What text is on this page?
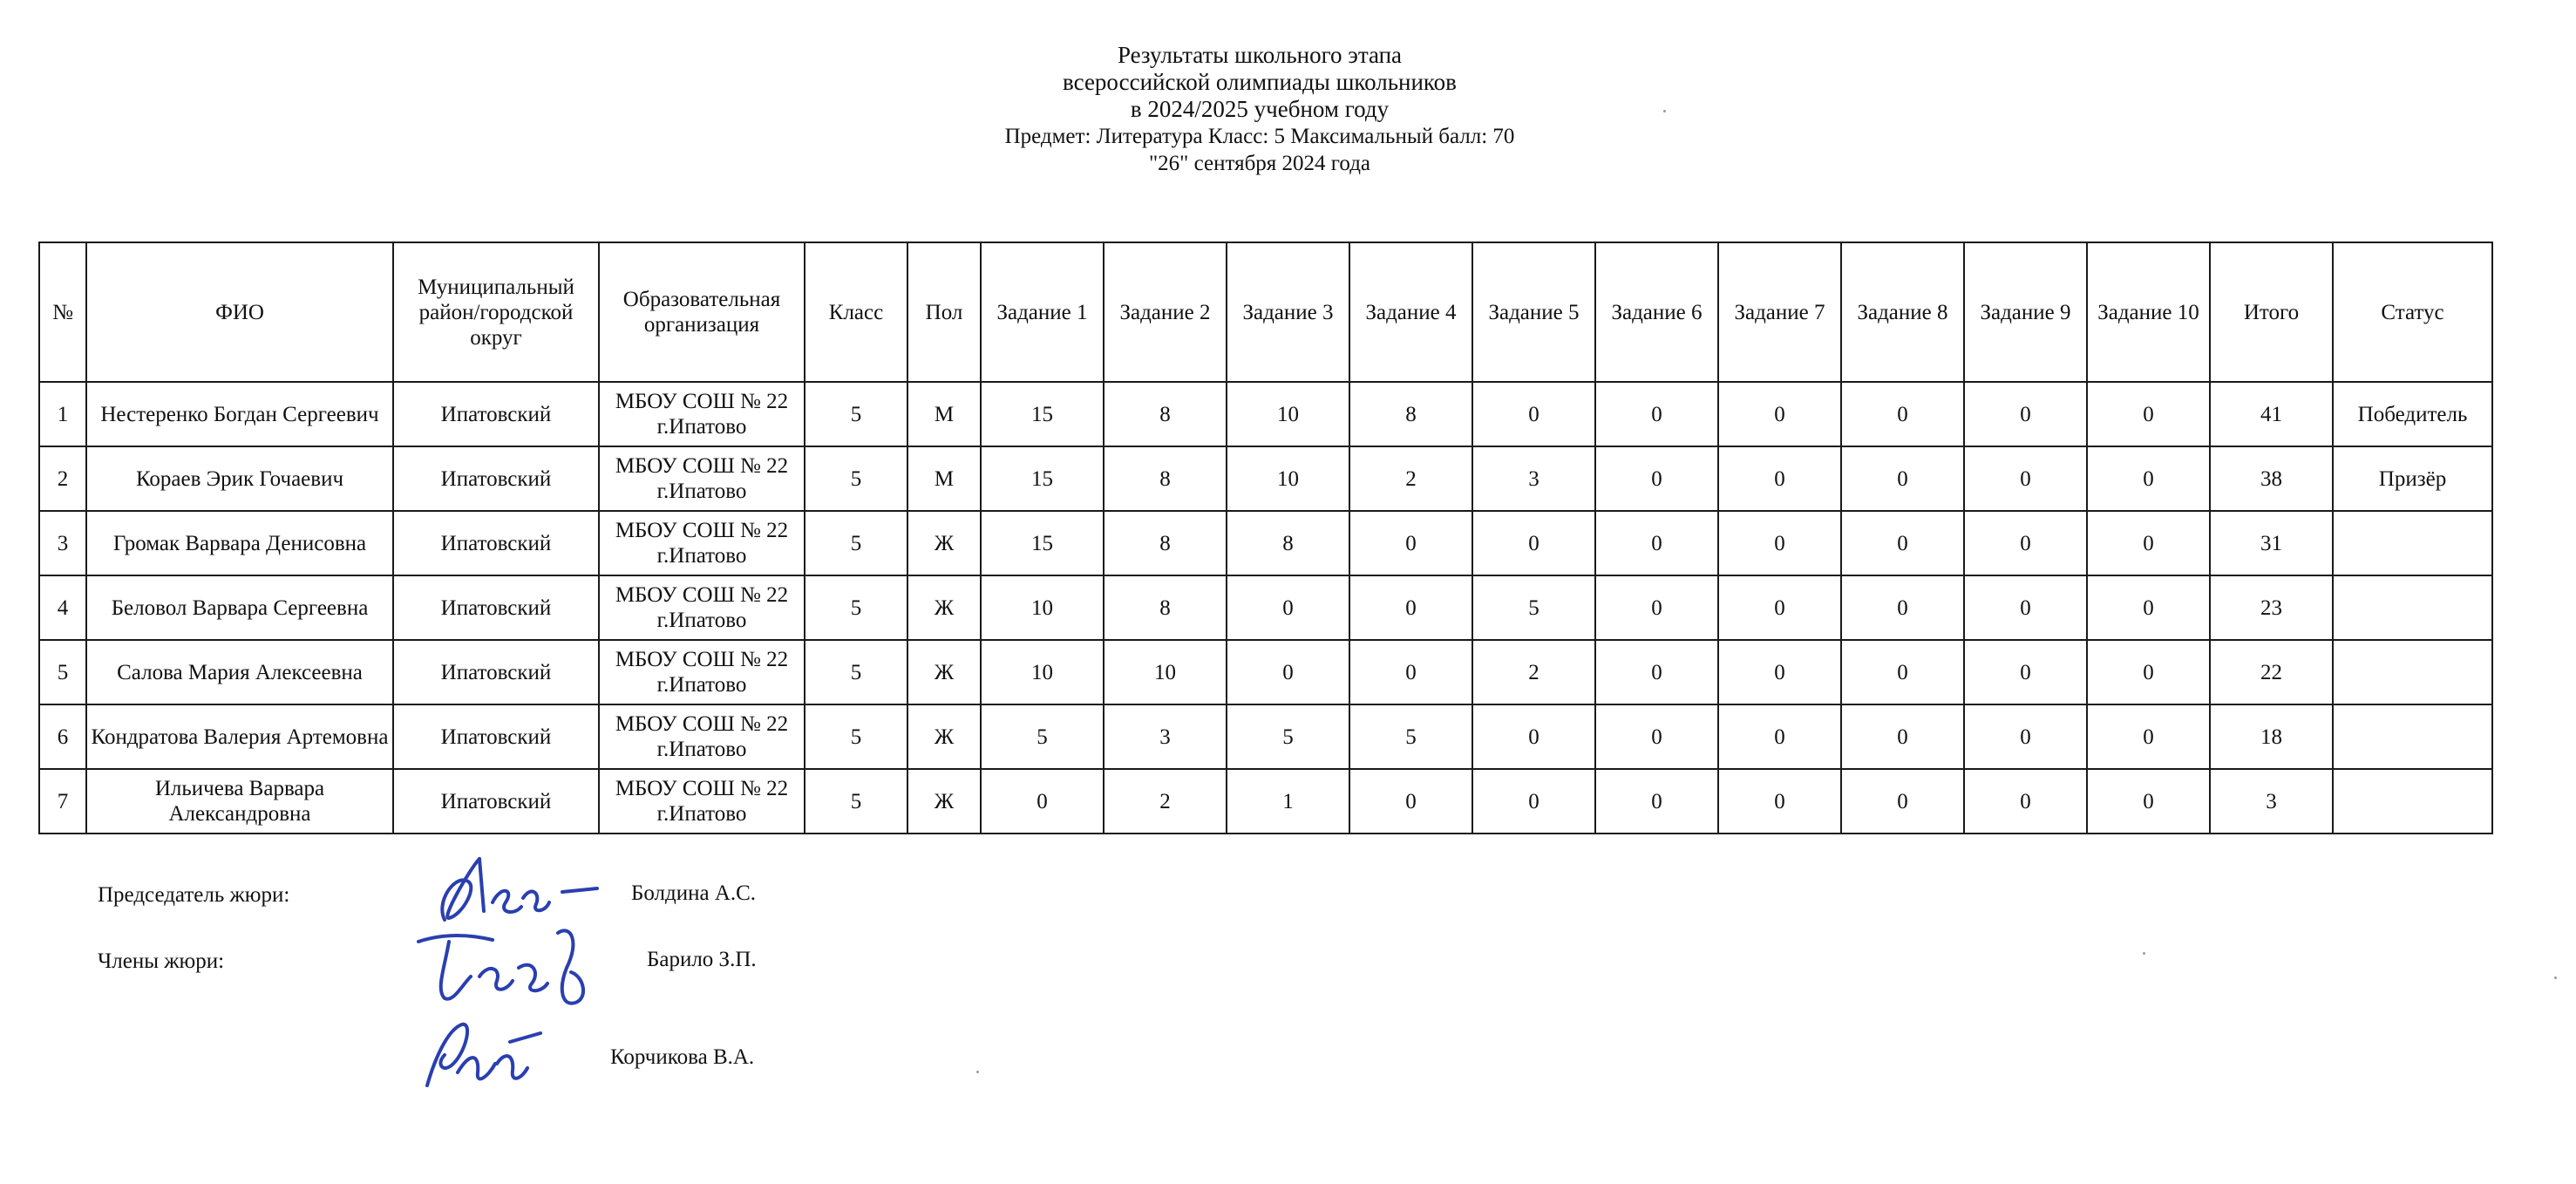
Результаты школьного этапа

всероссийской олимпиады школьников

в 2024/2025 учебном году

Предмет: Литература Класс: 5 Максимальный балл: 70

"26" сентября 2024 года

№	ФИО	Муниципальный район/городской округ	Образовательная организация	Класс	Пол	Задание 1	Задание 2	Задание 3	Задание 4	Задание 5	Задание 6	Задание 7	Задание 8	Задание 9	Задание 10	Итого	Статус
1	Нестеренко Богдан Сергеевич	Ипатовский	МБОУ СОШ № 22 г.Ипатово	5	М	15	8	10	8	0	0	0	0	0	0	41	Победитель
2	Кораев Эрик Гочаевич	Ипатовский	МБОУ СОШ № 22 г.Ипатово	5	М	15	8	10	2	3	0	0	0	0	0	38	Призёр
3	Громак Варвара Денисовна	Ипатовский	МБОУ СОШ № 22 г.Ипатово	5	Ж	15	8	8	0	0	0	0	0	0	0	31	
4	Беловол Варвара Сергеевна	Ипатовский	МБОУ СОШ № 22 г.Ипатово	5	Ж	10	8	0	0	5	0	0	0	0	0	23	
5	Салова Мария Алексеевна	Ипатовский	МБОУ СОШ № 22 г.Ипатово	5	Ж	10	10	0	0	2	0	0	0	0	0	22	
6	Кондратова Валерия Артемовна	Ипатовский	МБОУ СОШ № 22 г.Ипатово	5	Ж	5	3	5	5	0	0	0	0	0	0	18	
7	Ильичева Варвара Александровна	Ипатовский	МБОУ СОШ № 22 г.Ипатово	5	Ж	0	2	1	0	0	0	0	0	0	0	3	
Председатель жюри:	Болдина А.С.
Члены жюри:	Барило З.П.
Корчикова В.А.
